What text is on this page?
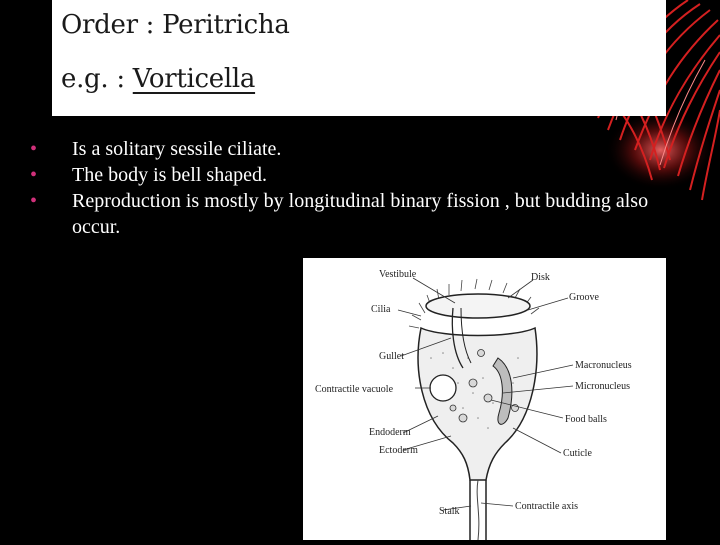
Order : Peritricha
e.g. : Vorticella

• Is a solitary sessile ciliate.

• The body is bell shaped.

• Reproduction is mostly by longitudinal binary fission , but budding also occur.

Vestibule	Disk
Groove
Cilia
Gullet
Macronucleus
Micronucleus
Contractile vacuole
Food balls
Endoderm
Ectoderm	Cuticle
Stalk	Contractile axis
